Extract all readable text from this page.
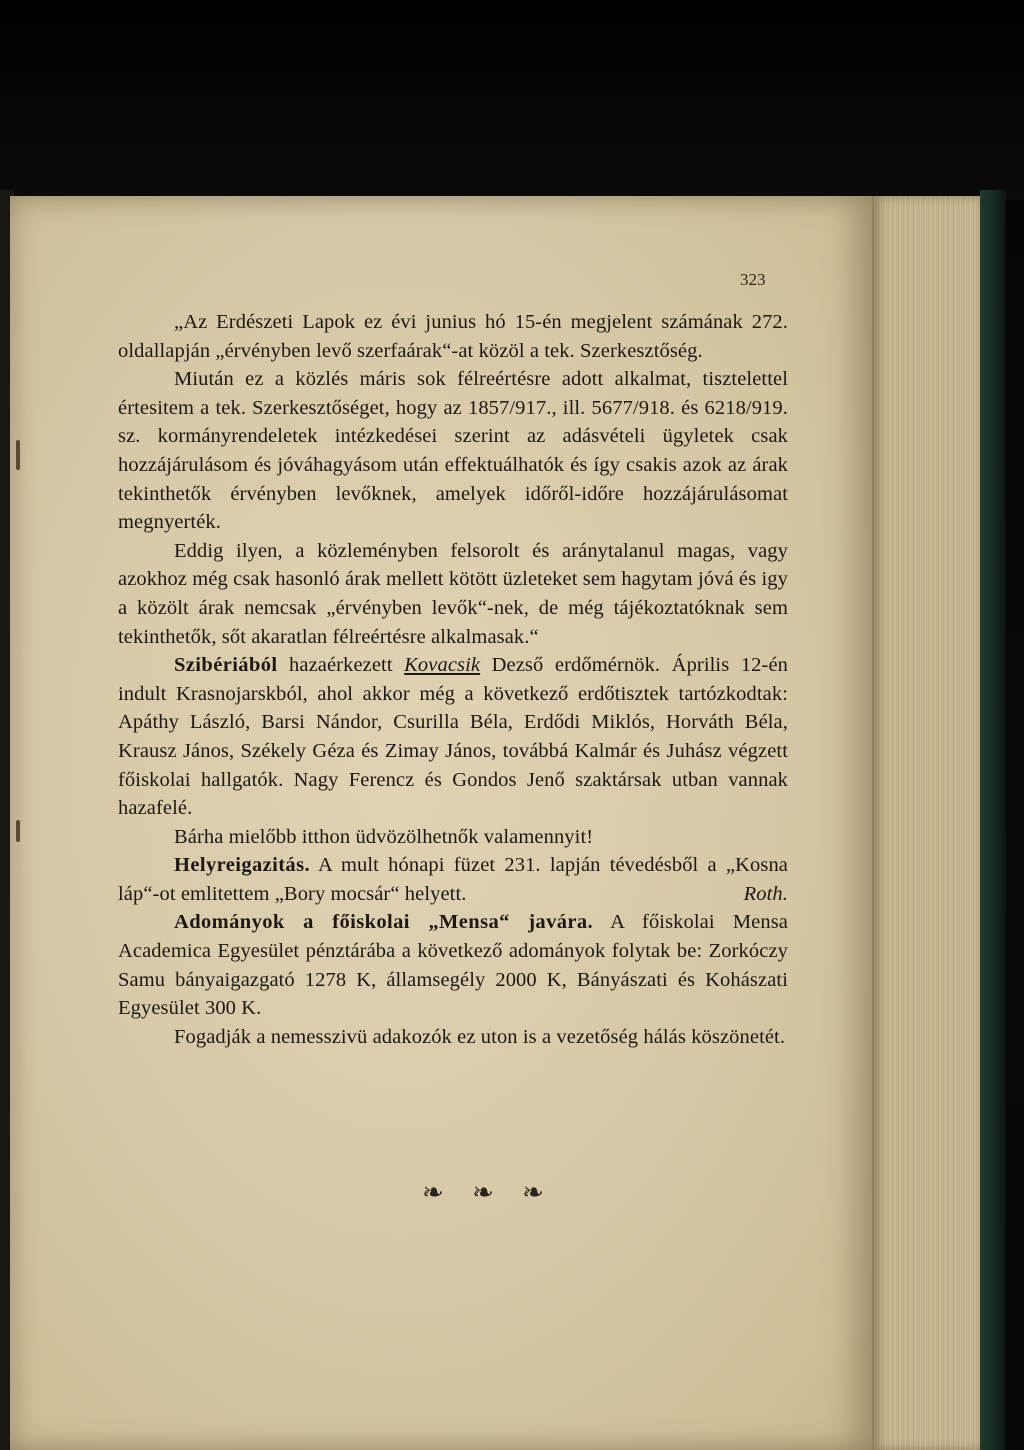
323

„Az Erdészeti Lapok ez évi junius hó 15-én megjelent számának 272. oldallapján „érvényben levő szerfaárak“-at közöl a tek. Szerkesztőség.

Miután ez a közlés máris sok félreértésre adott alkalmat, tisztelettel értesitem a tek. Szerkesztőséget, hogy az 1857/917., ill. 5677/918. és 6218/919. sz. kormányrendeletek intézkedései szerint az adásvételi ügyletek csak hozzájárulásom és jóváhagyásom után effektuálhatók és így csakis azok az árak tekinthetők érvényben levőknek, amelyek időről-időre hozzájárulásomat megnyerték.

Eddig ilyen, a közleményben felsorolt és aránytalanul magas, vagy azokhoz még csak hasonló árak mellett kötött üzleteket sem hagytam jóvá és igy a közölt árak nemcsak „érvényben levők“-nek, de még tájékoztatóknak sem tekinthetők, sőt akaratlan félreértésre alkalmasak.“

Szibériából hazaérkezett Kovacsik Dezső erdőmérnök. Április 12-én indult Krasnojarskból, ahol akkor még a következő erdőtisztek tartózkodtak: Apáthy László, Barsi Nándor, Csurilla Béla, Erdődi Miklós, Horváth Béla, Krausz János, Székely Géza és Zimay János, továbbá Kalmár és Juhász végzett főiskolai hallgatók. Nagy Ferencz és Gondos Jenő szaktársak utban vannak hazafelé.

Bárha mielőbb itthon üdvözölhetnők valamennyit!

Helyreigazitás. A mult hónapi füzet 231. lapján tévedésből a „Kosna láp“-ot emlitettem „Bory mocsár“ helyett.	Roth.

Adományok a főiskolai „Mensa“ javára. A főiskolai Mensa Academica Egyesület pénztárába a következő adományok folytak be: Zorkóczy Samu bányaigazgató 1278 K, államsegély 2000 K, Bányászati és Kohászati Egyesület 300 K.

Fogadják a nemesszivü adakozók ez uton is a vezetőség hálás köszönetét.

❧ ❧ ❧
